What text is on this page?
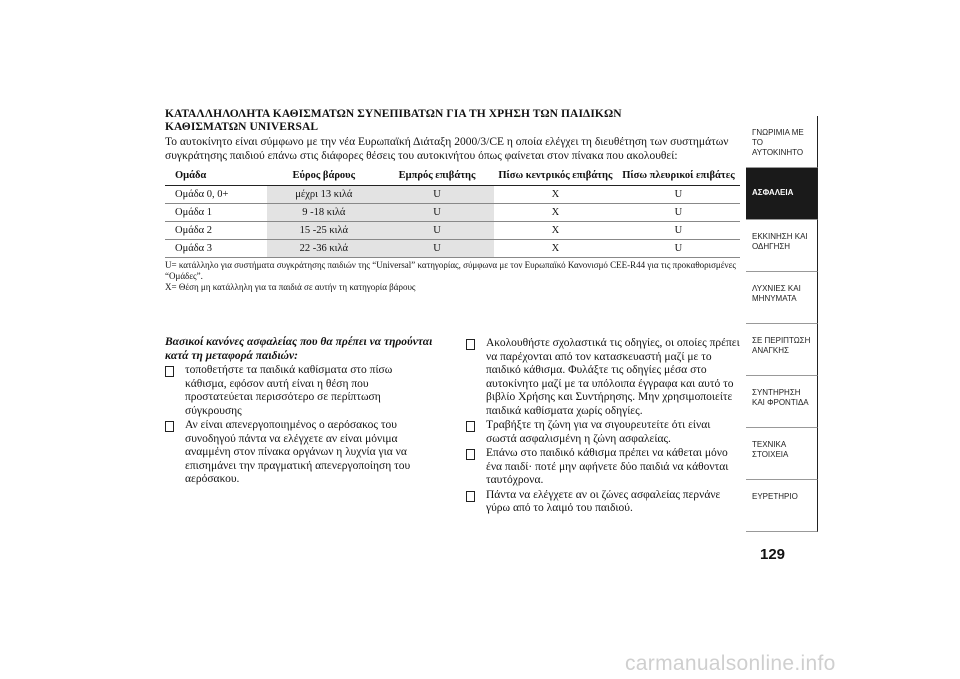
ΚΑΤΑΛΛΗΛΟΛΗΤΑ ΚΑΘΙΣΜΑΤΩΝ ΣΥΝΕΠΙΒΑΤΩΝ ΓΙΑ ΤΗ ΧΡΗΣΗ ΤΩΝ ΠΑΙΔΙΚΩΝ
ΚΑΘΙΣΜΑΤΩΝ UNIVERSAL
Το αυτοκίνητο είναι σύμφωνο με την νέα Ευρωπαϊκή Διάταξη 2000/3/CE η οποία ελέγχει τη διευθέτηση των συστημάτων συγκράτησης παιδιού επάνω στις διάφορες θέσεις του αυτοκινήτου όπως φαίνεται στον πίνακα που ακολουθεί:
Ομάδα	Εύρος βάρους	Εμπρός επιβάτης	Πίσω κεντρικός επιβάτης	Πίσω πλευρικοί επιβάτες
Ομάδα 0, 0+	μέχρι 13 κιλά	U	X	U
Ομάδα 1	9 -18 κιλά	U	X	U
Ομάδα 2	15 -25 κιλά	U	X	U
Ομάδα 3	22 -36 κιλά	U	X	U
U= κατάλληλο για συστήματα συγκράτησης παιδιών της “Universal” κατηγορίας, σύμφωνα με τον Ευρωπαϊκό Κανονισμό CEE-R44 για τις προκαθορισμένες “Ομάδες”.
X= Θέση μη κατάλληλη για τα παιδιά σε αυτήν τη κατηγορία βάρους
Βασικοί κανόνες ασφαλείας που θα πρέπει να τηρούνται κατά τη μεταφορά παιδιών:
τοποθετήστε τα παιδικά καθίσματα στο πίσω κάθισμα, εφόσον αυτή είναι η θέση που προστατεύεται περισσότερο σε περίπτωση σύγκρουσης
Αν είναι απενεργοποιημένος ο αερόσακος του συνοδηγού πάντα να ελέγχετε αν είναι μόνιμα αναμμένη στον πίνακα οργάνων η λυχνία για να επισημάνει την πραγματική απενεργοποίηση του αερόσακου.
Ακολουθήστε σχολαστικά τις οδηγίες, οι οποίες πρέπει να παρέχονται από τον κατασκευαστή μαζί με το παιδικό κάθισμα. Φυλάξτε τις οδηγίες μέσα στο αυτοκίνητο μαζί με τα υπόλοιπα έγγραφα και αυτό το βιβλίο Χρήσης και Συντήρησης. Μην χρησιμοποιείτε παιδικά καθίσματα χωρίς οδηγίες.
Τραβήξτε τη ζώνη για να σιγουρευτείτε ότι είναι σωστά ασφαλισμένη η ζώνη ασφαλείας.
Επάνω στο παιδικό κάθισμα πρέπει να κάθεται μόνο ένα παιδί· ποτέ μην αφήνετε δύο παιδιά να κάθονται ταυτόχρονα.
Πάντα να ελέγχετε αν οι ζώνες ασφαλείας περνάνε γύρω από το λαιμό του παιδιού.
ΓΝΩΡΙΜΙΑ ΜΕ ΤΟ ΑΥΤΟΚΙΝΗΤΟ
ΑΣΦΑΛΕΙΑ
ΕΚΚΙΝΗΣΗ ΚΑΙ ΟΔΗΓΗΣΗ
ΛΥΧΝΙΕΣ ΚΑΙ ΜΗΝΥΜΑΤΑ
ΣΕ ΠΕΡΙΠΤΩΣΗ ΑΝΑΓΚΗΣ
ΣΥΝΤΗΡΗΣΗ ΚΑΙ ΦΡΟΝΤΙΔΑ
ΤΕΧΝΙΚΑ ΣΤΟΙΧΕΙΑ
ΕΥΡΕΤΗΡΙΟ
129
carmanualsonline.info
